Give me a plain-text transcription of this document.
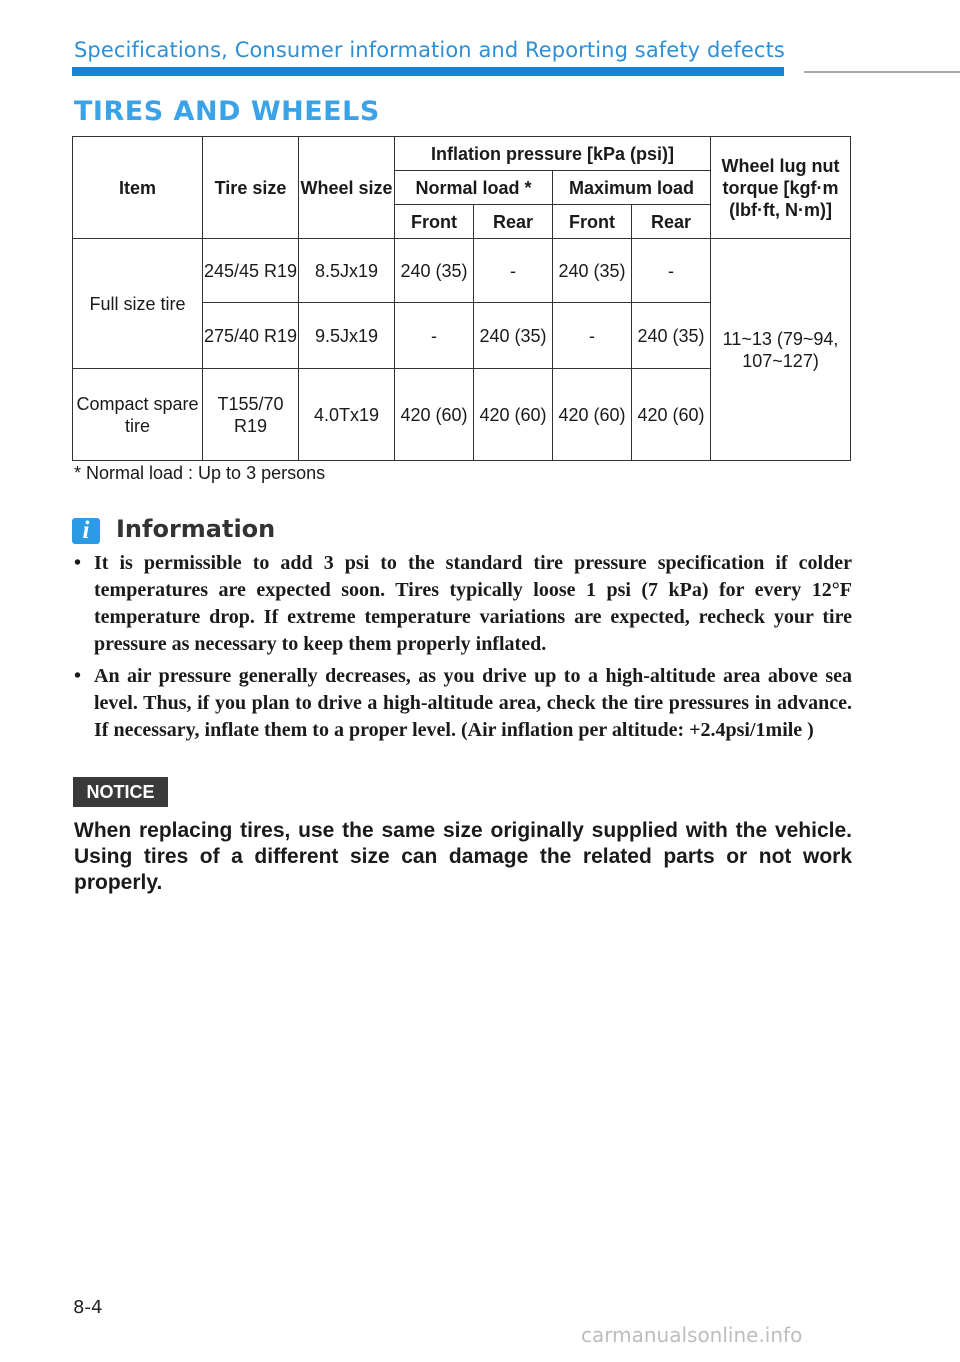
Specifications, Consumer information and Reporting safety defects
TIRES AND WHEELS
Item	Tire size	Wheel size	Inflation pressure [kPa (psi)]				Wheel lug nut torque [kgf·m (lbf·ft, N·m)]
			Normal load *		Maximum load		
			Front	Rear	Front	Rear	
Full size tire	245/45 R19	8.5Jx19	240 (35)	-	240 (35)	-	11~13 (79~94, 107~127)
	275/40 R19	9.5Jx19	-	240 (35)	-	240 (35)	
Compact spare tire	T155/70 R19	4.0Tx19	420 (60)	420 (60)	420 (60)	420 (60)	
* Normal load : Up to 3 persons
i	Information
• It is permissible to add 3 psi to the standard tire pressure specification if colder temperatures are expected soon. Tires typically loose 1 psi (7 kPa) for every 12°F temperature drop. If extreme temperature variations are expected, recheck your tire pressure as necessary to keep them properly inflated.
• An air pressure generally decreases, as you drive up to a high-altitude area above sea level. Thus, if you plan to drive a high-altitude area, check the tire pressures in advance. If necessary, inflate them to a proper level. (Air inflation per altitude: +2.4psi/1mile )
NOTICE
When replacing tires, use the same size originally supplied with the vehicle. Using tires of a different size can damage the related parts or not work properly.
8-4
carmanualsonline.info
